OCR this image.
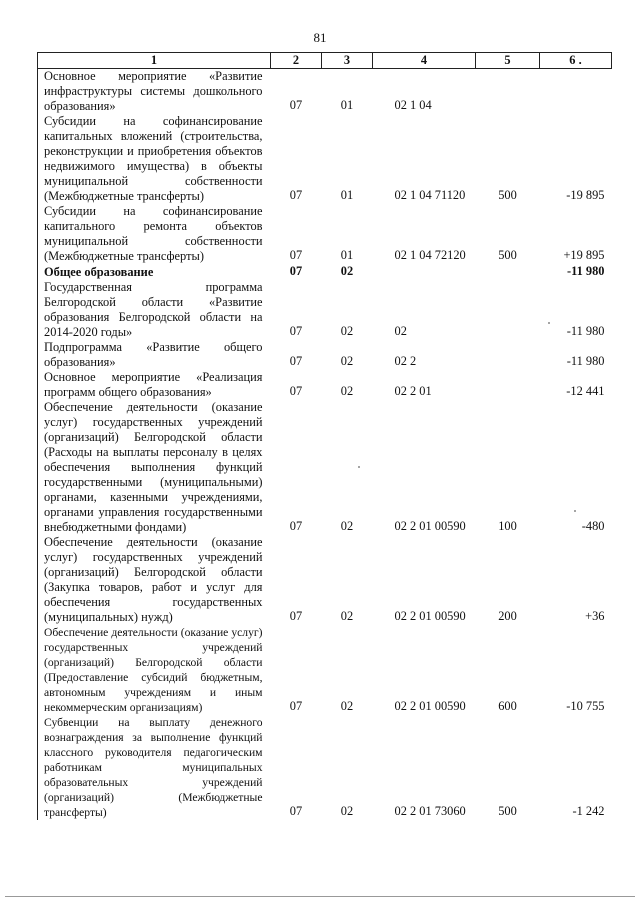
81
1	2	3	4	5	6 .
Основное мероприятие «Развитие инфраструктуры системы дошкольного образования»	07	01	02 1 04		
Субсидии на софинансирование капитальных вложений (строительства, реконструкции и приобретения объектов недвижимого имущества) в объекты муниципальной собственности (Межбюджетные трансферты)	07	01	02 1 04 71120	500	-19 895
Субсидии на софинансирование капитального ремонта объектов муниципальной собственности (Межбюджетные трансферты)	07	01	02 1 04 72120	500	+19 895
Общее образование	07	02			-11 980
Государственная программа Белгородской области «Развитие образования Белгородской области на 2014-2020 годы»	07	02	02		-11 980
Подпрограмма «Развитие общего образования»	07	02	02 2		-11 980
Основное мероприятие «Реализация программ общего образования»	07	02	02 2 01		-12 441
Обеспечение деятельности (оказание услуг) государственных учреждений (организаций) Белгородской области (Расходы на выплаты персоналу в целях обеспечения выполнения функций государственными (муниципальными) органами, казенными учреждениями, органами управления государственными внебюджетными фондами)	07	02	02 2 01 00590	100	-480
Обеспечение деятельности (оказание услуг) государственных учреждений (организаций) Белгородской области (Закупка товаров, работ и услуг для обеспечения государственных (муниципальных) нужд)	07	02	02 2 01 00590	200	+36
Обеспечение деятельности (оказание услуг) государственных учреждений (организаций) Белгородской области (Предоставление субсидий бюджетным, автономным учреждениям и иным некоммерческим организациям)	07	02	02 2 01 00590	600	-10 755
Субвенции на выплату денежного вознаграждения за выполнение функций классного руководителя педагогическим работникам муниципальных образовательных учреждений (организаций) (Межбюджетные трансферты)	07	02	02 2 01 73060	500	-1 242
